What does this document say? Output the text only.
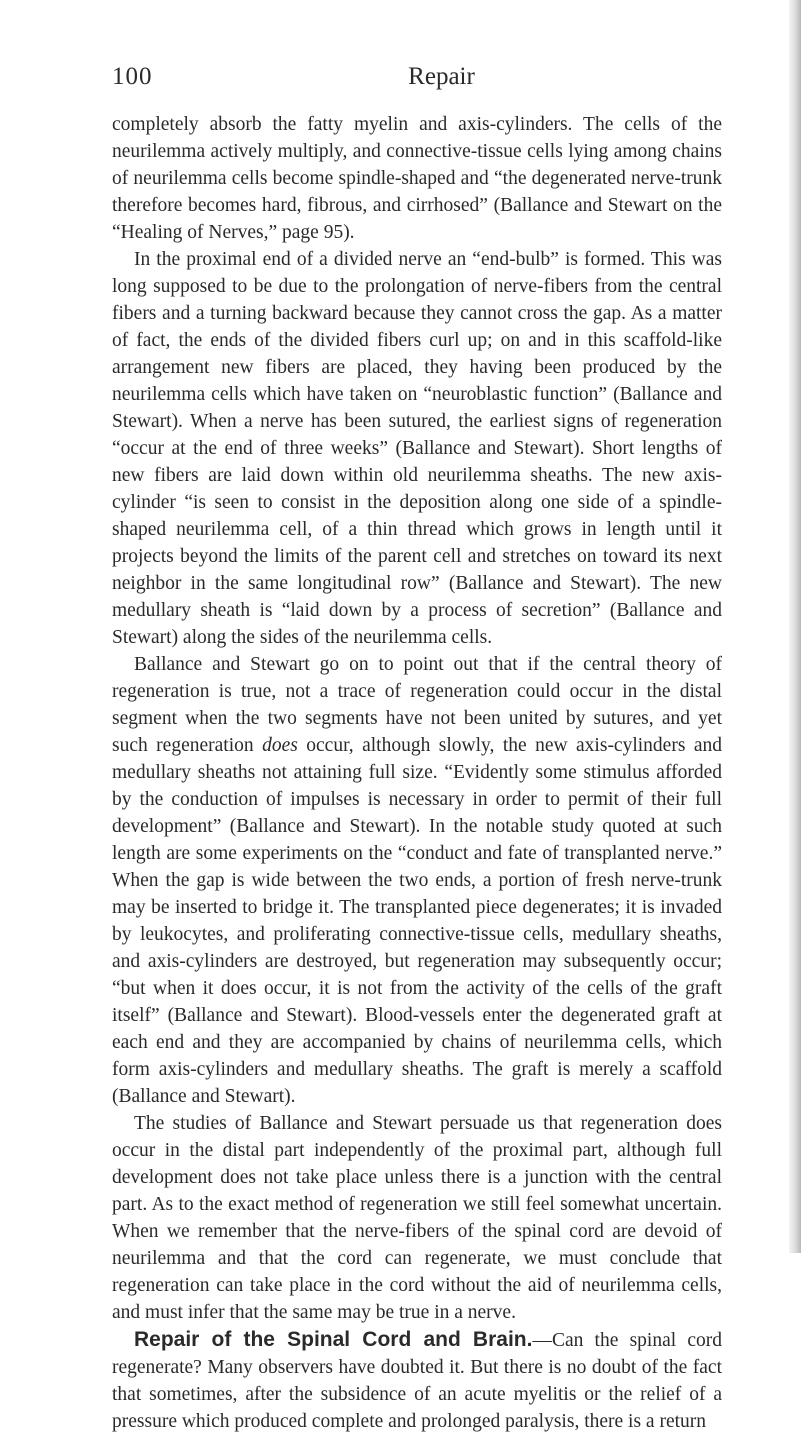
100	Repair

completely absorb the fatty myelin and axis-cylinders. The cells of the neurilemma actively multiply, and connective-tissue cells lying among chains of neurilemma cells become spindle-shaped and “the degenerated nerve-trunk therefore becomes hard, fibrous, and cirrhosed” (Ballance and Stewart on the “Healing of Nerves,” page 95).

In the proximal end of a divided nerve an “end-bulb” is formed. This was long supposed to be due to the prolongation of nerve-fibers from the central fibers and a turning backward because they cannot cross the gap. As a matter of fact, the ends of the divided fibers curl up; on and in this scaffold-like arrangement new fibers are placed, they having been produced by the neurilemma cells which have taken on “neuroblastic function” (Ballance and Stewart). When a nerve has been sutured, the earliest signs of regeneration “occur at the end of three weeks” (Ballance and Stewart). Short lengths of new fibers are laid down within old neurilemma sheaths. The new axis-cylinder “is seen to consist in the deposition along one side of a spindle-shaped neurilemma cell, of a thin thread which grows in length until it projects beyond the limits of the parent cell and stretches on toward its next neighbor in the same longitudinal row” (Ballance and Stewart). The new medullary sheath is “laid down by a process of secretion” (Ballance and Stewart) along the sides of the neurilemma cells.

Ballance and Stewart go on to point out that if the central theory of regeneration is true, not a trace of regeneration could occur in the distal segment when the two segments have not been united by sutures, and yet such regeneration does occur, although slowly, the new axis-cylinders and medullary sheaths not attaining full size. “Evidently some stimulus afforded by the conduction of impulses is necessary in order to permit of their full development” (Ballance and Stewart). In the notable study quoted at such length are some experiments on the “conduct and fate of transplanted nerve.” When the gap is wide between the two ends, a portion of fresh nerve-trunk may be inserted to bridge it. The transplanted piece degenerates; it is invaded by leukocytes, and proliferating connective-tissue cells, medullary sheaths, and axis-cylinders are destroyed, but regeneration may subsequently occur; “but when it does occur, it is not from the activity of the cells of the graft itself” (Ballance and Stewart). Blood-vessels enter the degenerated graft at each end and they are accompanied by chains of neurilemma cells, which form axis-cylinders and medullary sheaths. The graft is merely a scaffold (Ballance and Stewart).

The studies of Ballance and Stewart persuade us that regeneration does occur in the distal part independently of the proximal part, although full development does not take place unless there is a junction with the central part. As to the exact method of regeneration we still feel somewhat uncertain. When we remember that the nerve-fibers of the spinal cord are devoid of neurilemma and that the cord can regenerate, we must conclude that regeneration can take place in the cord without the aid of neurilemma cells, and must infer that the same may be true in a nerve.

Repair of the Spinal Cord and Brain.—Can the spinal cord regenerate? Many observers have doubted it. But there is no doubt of the fact that sometimes, after the subsidence of an acute myelitis or the relief of a pressure which produced complete and prolonged paralysis, there is a return
